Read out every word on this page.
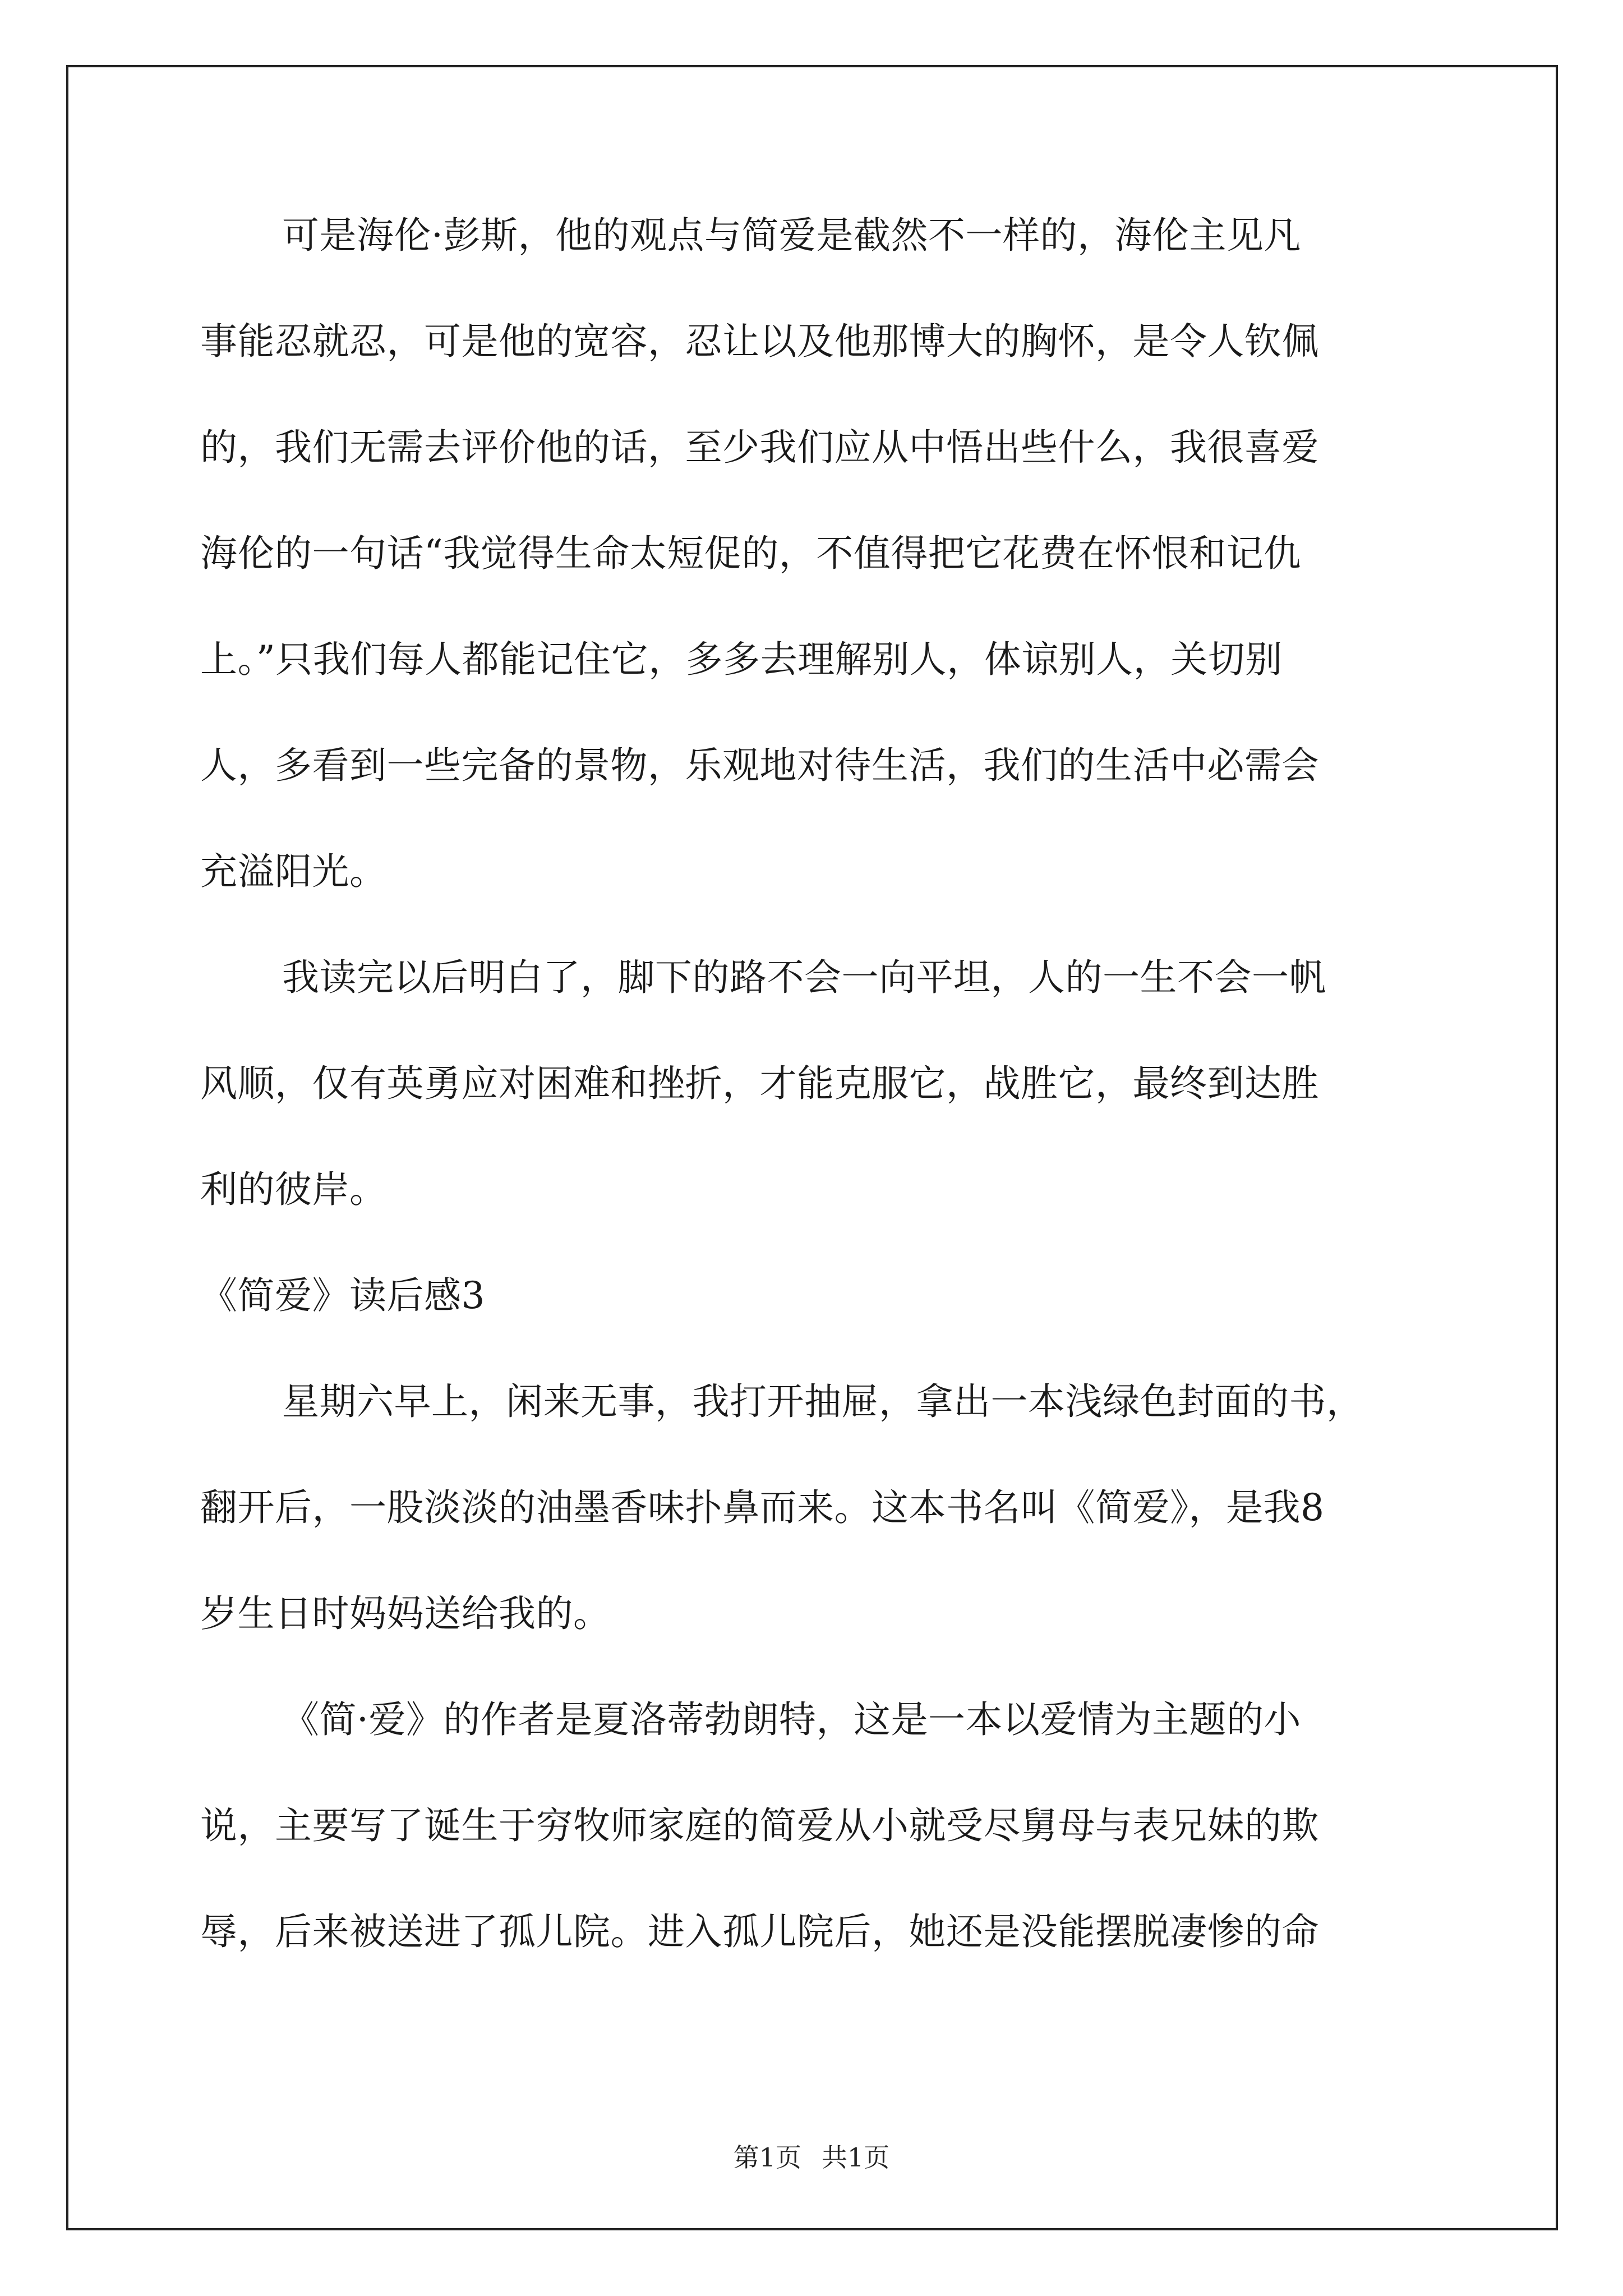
可是海伦·彭斯，他的观点与简爱是截然不一样的，海伦主见凡
事能忍就忍，可是他的宽容，忍让以及他那博大的胸怀，是令人钦佩
的，我们无需去评价他的话，至少我们应从中悟出些什么，我很喜爱
海伦的一句话“我觉得生命太短促的，不值得把它花费在怀恨和记仇
上。”只我们每人都能记住它，多多去理解别人，体谅别人，关切别
人，多看到一些完备的景物，乐观地对待生活，我们的生活中必需会
充溢阳光。
我读完以后明白了，脚下的路不会一向平坦，人的一生不会一帆
风顺，仅有英勇应对困难和挫折，才能克服它，战胜它，最终到达胜
利的彼岸。
《简爱》读后感3
星期六早上，闲来无事，我打开抽屉，拿出一本浅绿色封面的书，
翻开后，一股淡淡的油墨香味扑鼻而来。这本书名叫《简爱》，是我8
岁生日时妈妈送给我的。
《简·爱》的作者是夏洛蒂勃朗特，这是一本以爱情为主题的小
说，主要写了诞生于穷牧师家庭的简爱从小就受尽舅母与表兄妹的欺
辱，后来被送进了孤儿院。进入孤儿院后，她还是没能摆脱凄惨的命
第1页 共1页
